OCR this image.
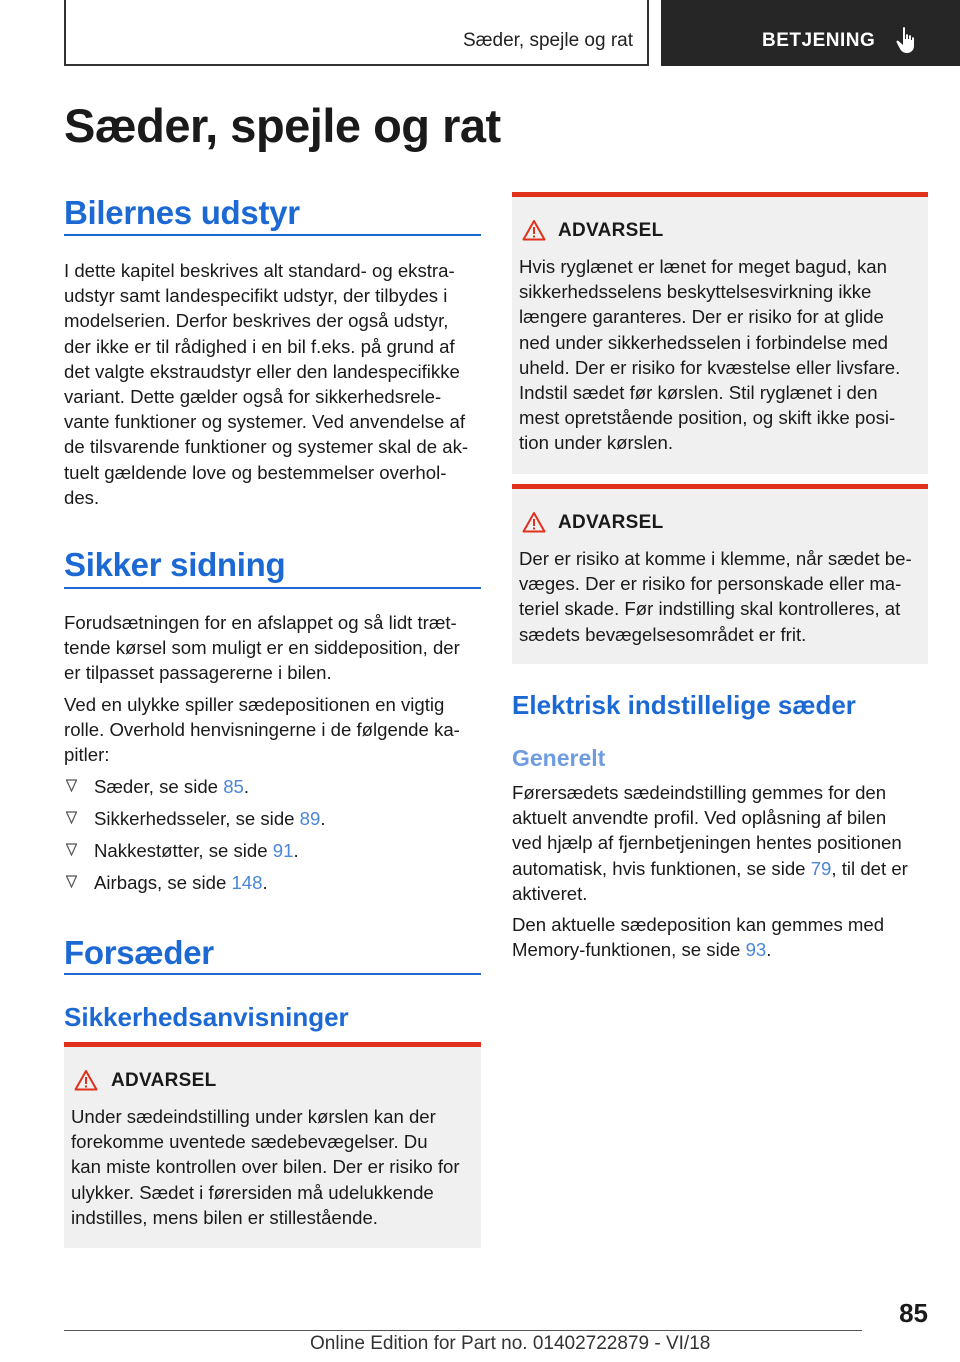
Sæder, spejle og rat	BETJENING
Sæder, spejle og rat
Bilernes udstyr
I dette kapitel beskrives alt standard- og ekstra-
udstyr samt landespecifikt udstyr, der tilbydes i
modelserien. Derfor beskrives der også udstyr,
der ikke er til rådighed i en bil f.eks. på grund af
det valgte ekstraudstyr eller den landespecifikke
variant. Dette gælder også for sikkerhedsrele-
vante funktioner og systemer. Ved anvendelse af
de tilsvarende funktioner og systemer skal de ak-
tuelt gældende love og bestemmelser overhol-
des.
Sikker sidning
Forudsætningen for en afslappet og så lidt træt-
tende kørsel som muligt er en siddeposition, der
er tilpasset passagererne i bilen.
Ved en ulykke spiller sædepositionen en vigtig
rolle. Overhold henvisningerne i de følgende ka-
pitler:
Sæder, se side 85.
Sikkerhedsseler, se side 89.
Nakkestøtter, se side 91.
Airbags, se side 148.
Forsæder
Sikkerhedsanvisninger
ADVARSEL
Under sædeindstilling under kørslen kan der
forekomme uventede sædebevægelser. Du
kan miste kontrollen over bilen. Der er risiko for
ulykker. Sædet i førersiden må udelukkende
indstilles, mens bilen er stillestående.
ADVARSEL
Hvis ryglænet er lænet for meget bagud, kan
sikkerhedsselens beskyttelsesvirkning ikke
længere garanteres. Der er risiko for at glide
ned under sikkerhedsselen i forbindelse med
uheld. Der er risiko for kvæstelse eller livsfare.
Indstil sædet før kørslen. Stil ryglænet i den
mest opretstående position, og skift ikke posi-
tion under kørslen.
ADVARSEL
Der er risiko at komme i klemme, når sædet be-
væges. Der er risiko for personskade eller ma-
teriel skade. Før indstilling skal kontrolleres, at
sædets bevægelsesområdet er frit.
Elektrisk indstillelige sæder
Generelt
Førersædets sædeindstilling gemmes for den
aktuelt anvendte profil. Ved oplåsning af bilen
ved hjælp af fjernbetjeningen hentes positionen
automatisk, hvis funktionen, se side 79, til det er
aktiveret.
Den aktuelle sædeposition kan gemmes med
Memory-funktionen, se side 93.
85
Online Edition for Part no. 01402722879 - VI/18
